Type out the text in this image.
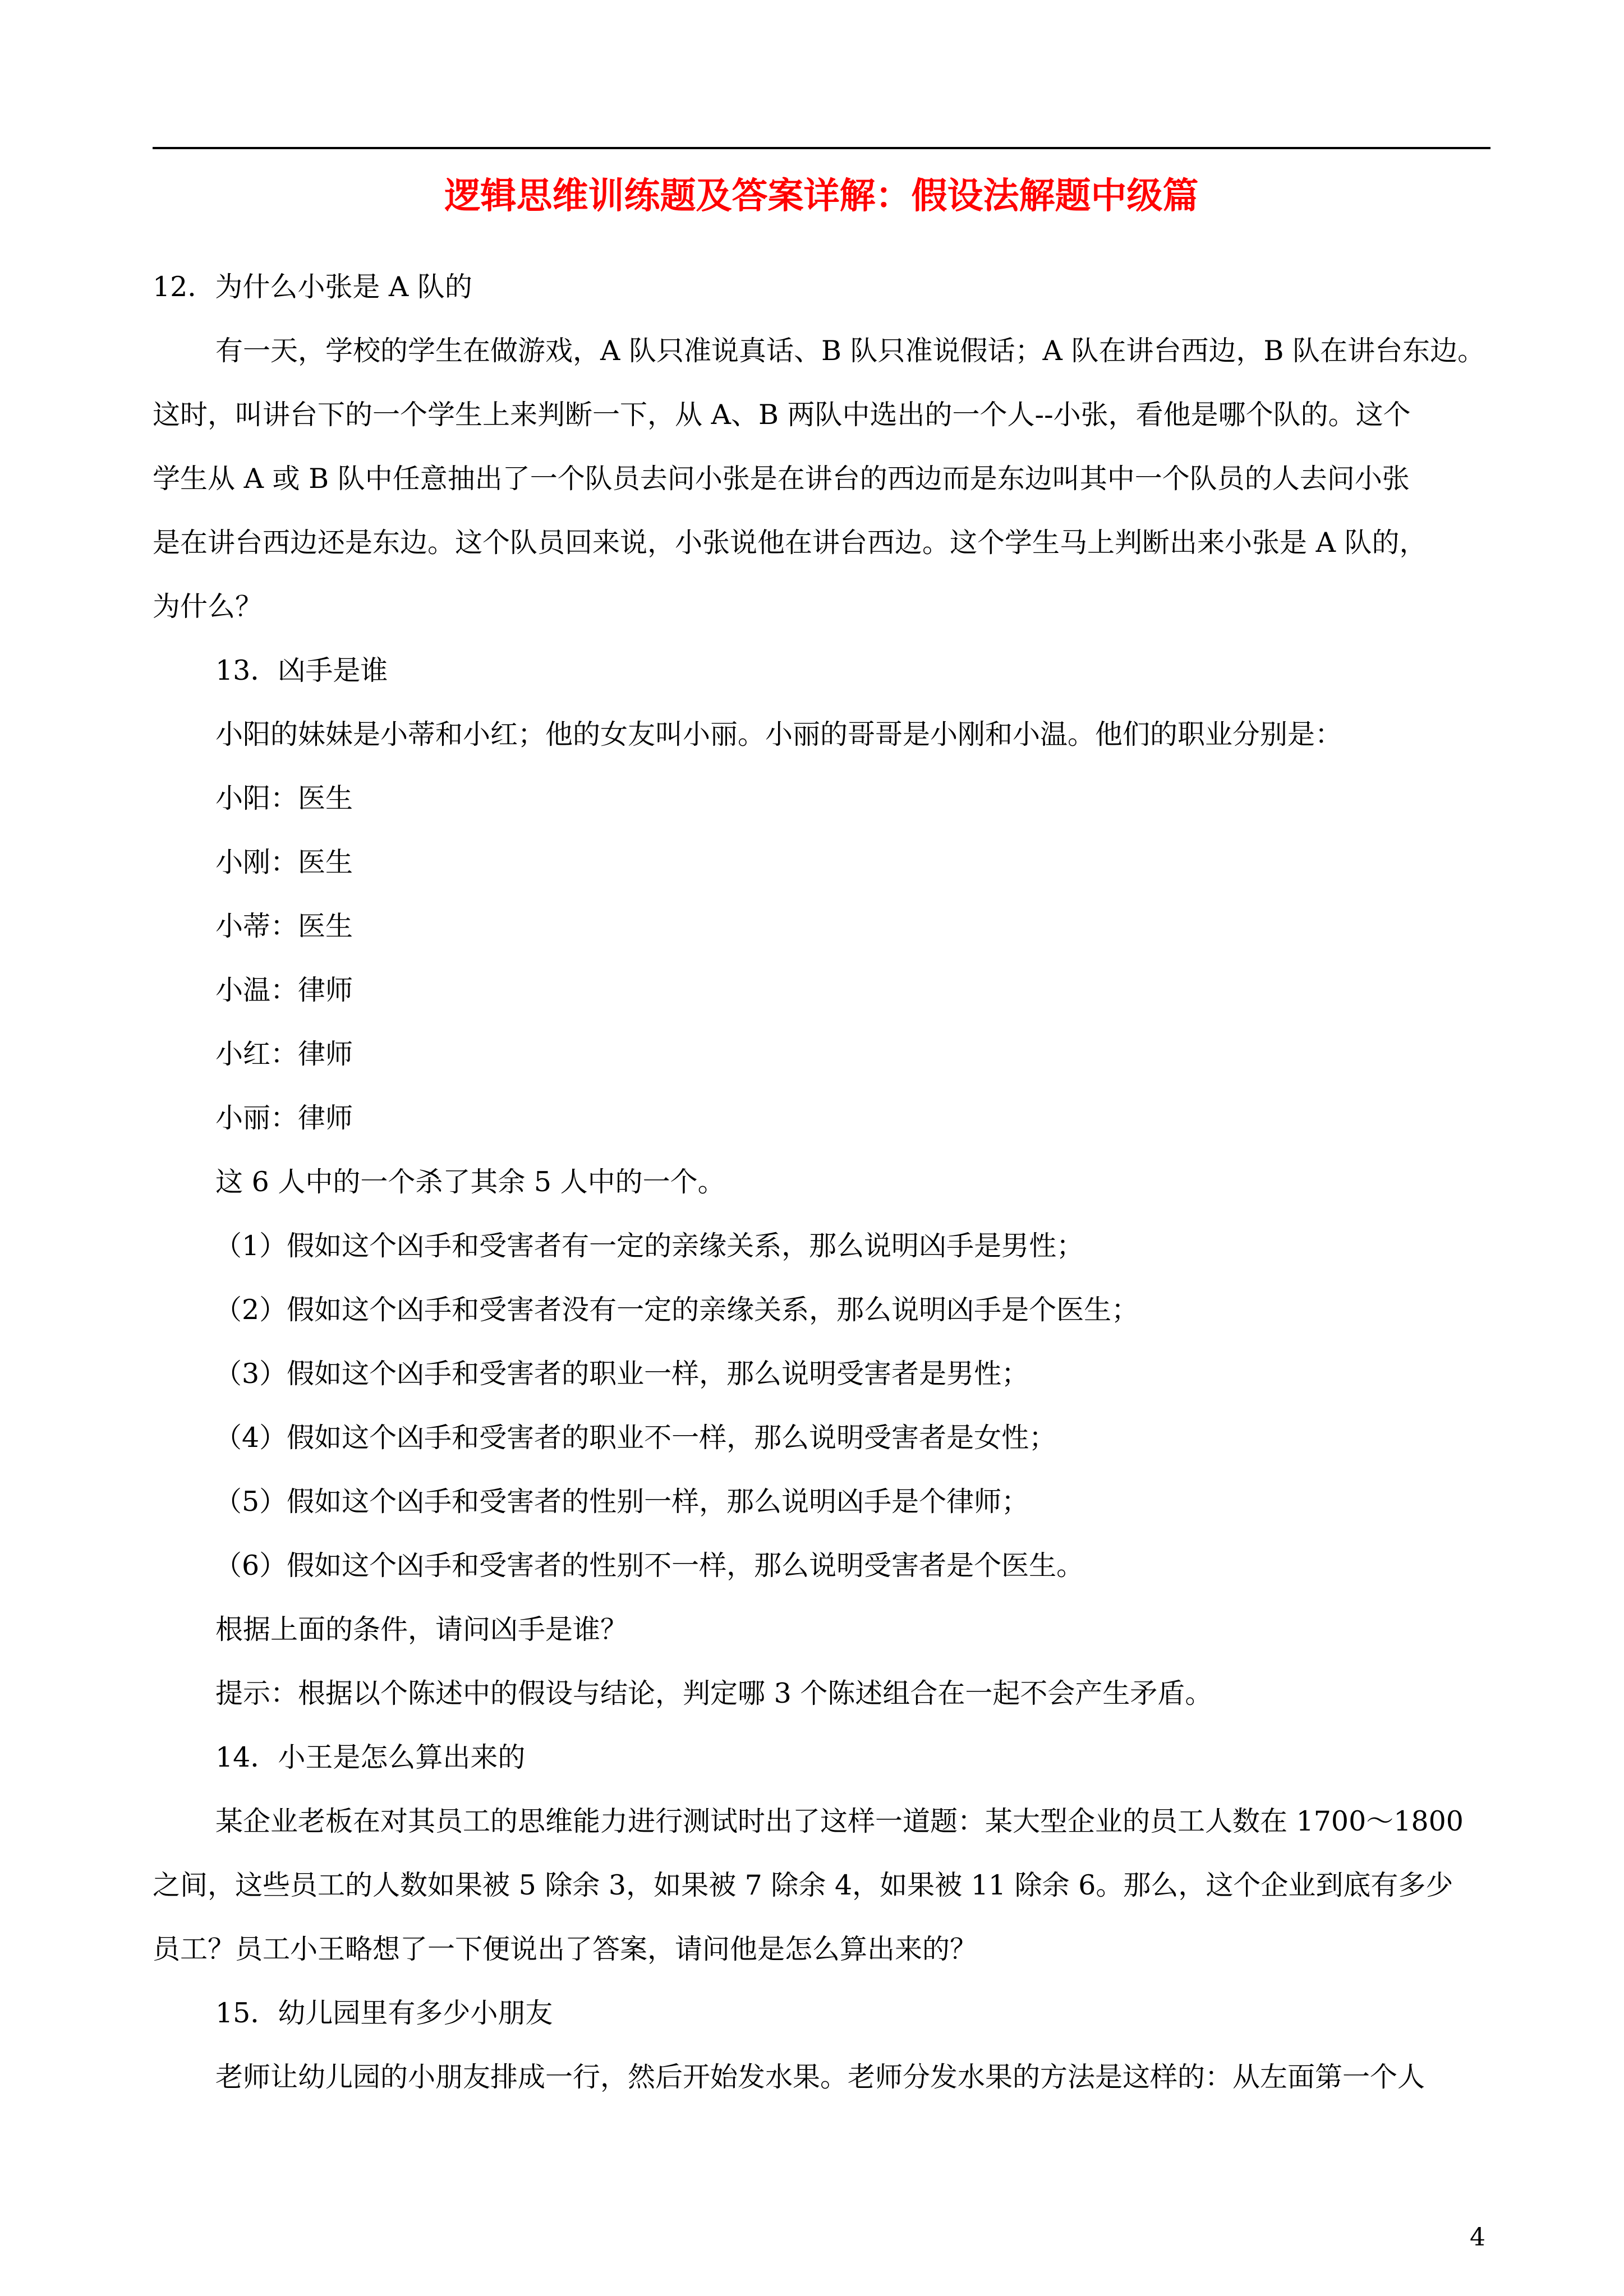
逻辑思维训练题及答案详解：假设法解题中级篇
12．为什么小张是 A 队的
有一天，学校的学生在做游戏，A 队只准说真话、B 队只准说假话；A 队在讲台西边，B 队在讲台东边。
这时，叫讲台下的一个学生上来判断一下，从 A、B 两队中选出的一个人--小张，看他是哪个队的。这个
学生从 A 或 B 队中任意抽出了一个队员去问小张是在讲台的西边而是东边叫其中一个队员的人去问小张
是在讲台西边还是东边。这个队员回来说，小张说他在讲台西边。这个学生马上判断出来小张是 A 队的，
为什么？
13．凶手是谁
小阳的妹妹是小蒂和小红；他的女友叫小丽。小丽的哥哥是小刚和小温。他们的职业分别是：
小阳：医生
小刚：医生
小蒂：医生
小温：律师
小红：律师
小丽：律师
这 6 人中的一个杀了其余 5 人中的一个。
（1）假如这个凶手和受害者有一定的亲缘关系，那么说明凶手是男性；
（2）假如这个凶手和受害者没有一定的亲缘关系，那么说明凶手是个医生；
（3）假如这个凶手和受害者的职业一样，那么说明受害者是男性；
（4）假如这个凶手和受害者的职业不一样，那么说明受害者是女性；
（5）假如这个凶手和受害者的性别一样，那么说明凶手是个律师；
（6）假如这个凶手和受害者的性别不一样，那么说明受害者是个医生。
根据上面的条件，请问凶手是谁？
提示：根据以个陈述中的假设与结论，判定哪 3 个陈述组合在一起不会产生矛盾。
14．小王是怎么算出来的
某企业老板在对其员工的思维能力进行测试时出了这样一道题：某大型企业的员工人数在 1700～1800
之间，这些员工的人数如果被 5 除余 3，如果被 7 除余 4，如果被 11 除余 6。那么，这个企业到底有多少
员工？员工小王略想了一下便说出了答案，请问他是怎么算出来的？
15．幼儿园里有多少小朋友
老师让幼儿园的小朋友排成一行，然后开始发水果。老师分发水果的方法是这样的：从左面第一个人
4
